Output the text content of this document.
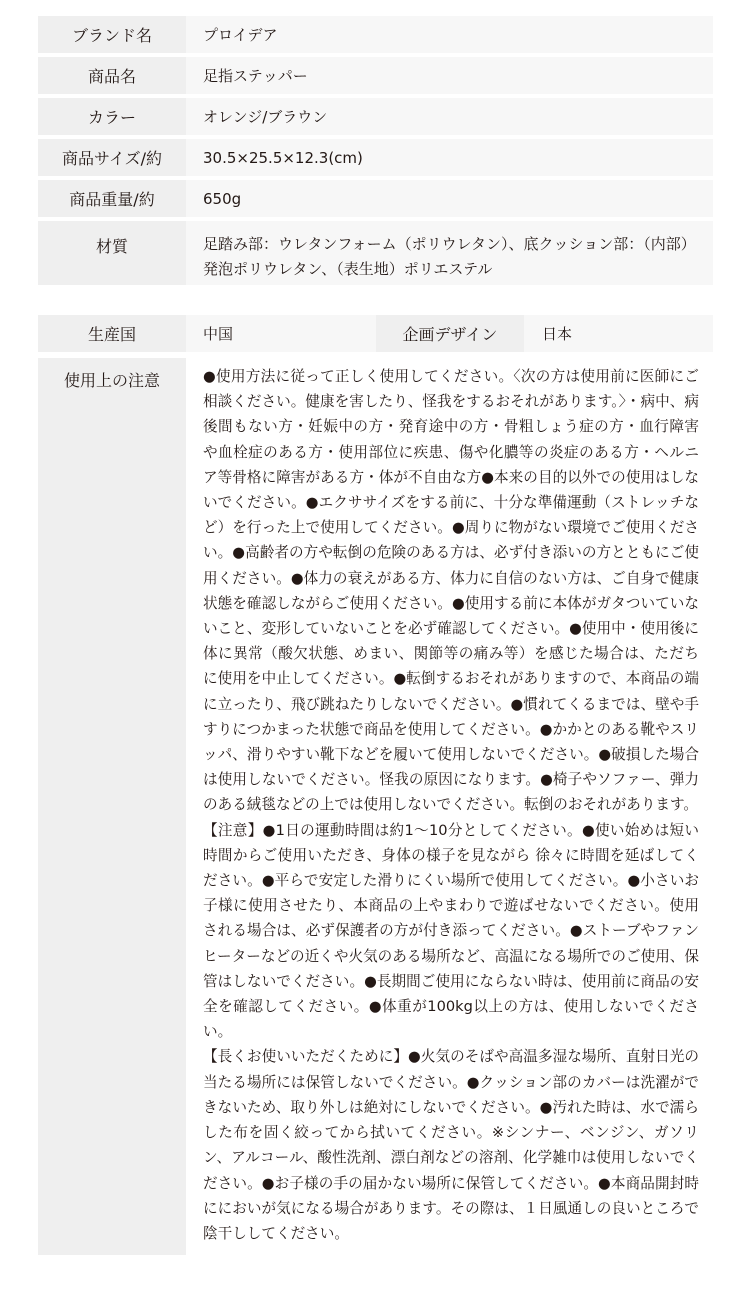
ブランド名	プロイデア
商品名	足指ステッパー
カラー	オレンジ/ブラウン
商品サイズ/約	30.5×25.5×12.3(cm)
商品重量/約	650g
材質	足踏み部：ウレタンフォーム（ポリウレタン）、底クッション部：（内部）発泡ポリウレタン、（表生地）ポリエステル
生産国	中国	企画デザイン	日本
使用上の注意	●使用方法に従って正しく使用してください。〈次の方は使用前に医師にご相談ください。健康を害したり、怪我をするおそれがあります。〉・病中、病後間もない方・妊娠中の方・発育途中の方・骨粗しょう症の方・血行障害や血栓症のある方・使用部位に疾患、傷や化膿等の炎症のある方・ヘルニア等骨格に障害がある方・体が不自由な方●本来の目的以外での使用はしないでください。●エクササイズをする前に、十分な準備運動（ストレッチなど）を行った上で使用してください。●周りに物がない環境でご使用ください。●高齢者の方や転倒の危険のある方は、必ず付き添いの方とともにご使用ください。●体力の衰えがある方、体力に自信のない方は、ご自身で健康状態を確認しながらご使用ください。●使用する前に本体がガタついていないこと、変形していないことを必ず確認してください。●使用中・使用後に体に異常（酸欠状態、めまい、関節等の痛み等）を感じた場合は、ただちに使用を中止してください。●転倒するおそれがありますので、本商品の端に立ったり、飛び跳ねたりしないでください。●慣れてくるまでは、壁や手すりにつかまった状態で商品を使用してください。●かかとのある靴やスリッパ、滑りやすい靴下などを履いて使用しないでください。●破損した場合は使用しないでください。怪我の原因になります。●椅子やソファー、弾力のある絨毯などの上では使用しないでください。転倒のおそれがあります。

【注意】●1日の運動時間は約1～10分としてください。●使い始めは短い時間からご使用いただき、身体の様子を見ながら 徐々に時間を延ばしてください。●平らで安定した滑りにくい場所で使用してください。●小さいお子様に使用させたり、本商品の上やまわりで遊ばせないでください。使用される場合は、必ず保護者の方が付き添ってください。●ストーブやファンヒーターなどの近くや火気のある場所など、高温になる場所でのご使用、保管はしないでください。●長期間ご使用にならない時は、使用前に商品の安全を確認してください。●体重が100kg以上の方は、使用しないでください。

【長くお使いいただくために】●火気のそばや高温多湿な場所、直射日光の当たる場所には保管しないでください。●クッション部のカバーは洗濯ができないため、取り外しは絶対にしないでください。●汚れた時は、水で濡らした布を固く絞ってから拭いてください。※シンナー、ベンジン、ガソリン、アルコール、酸性洗剤、漂白剤などの溶剤、化学雑巾は使用しないでください。●お子様の手の届かない場所に保管してください。●本商品開封時ににおいが気になる場合があります。その際は、１日風通しの良いところで陰干ししてください。
